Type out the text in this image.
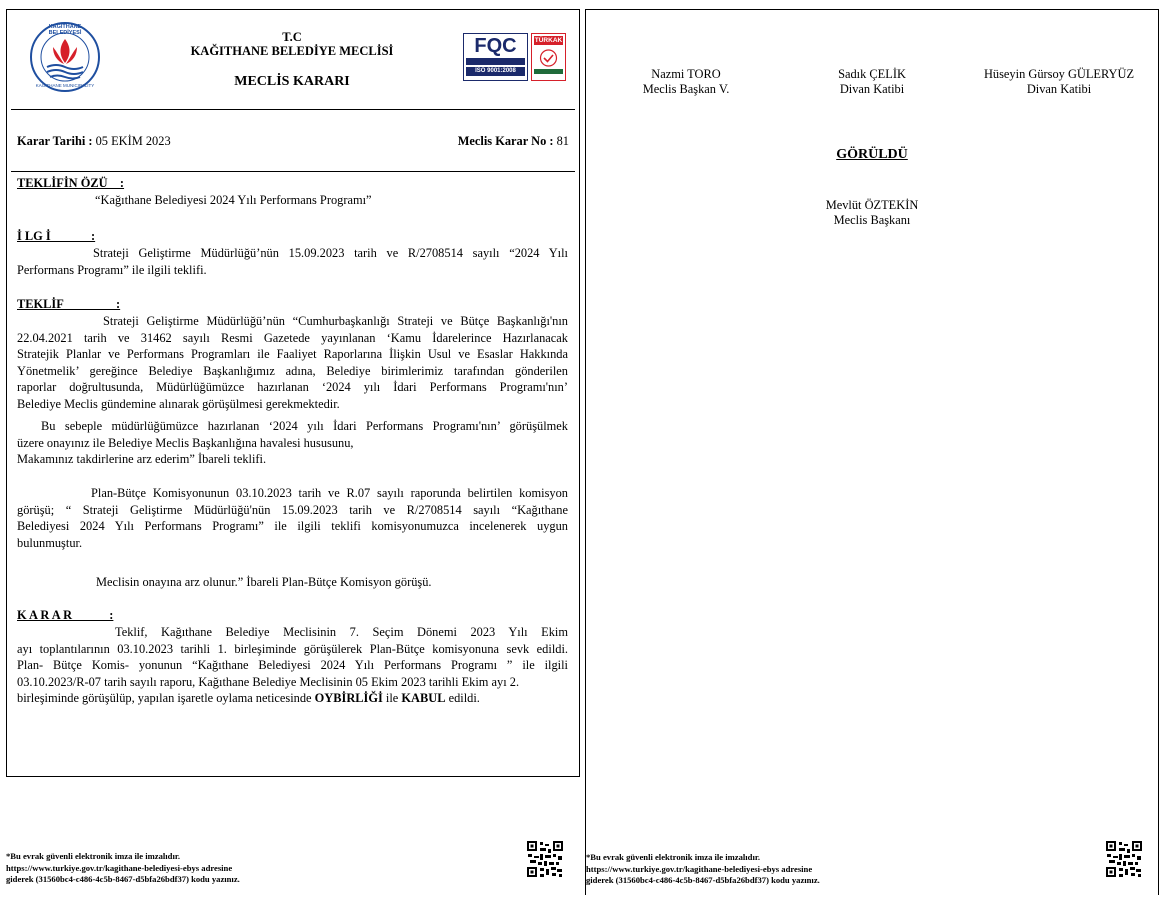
KAĞITHANE BELEDİYESİ
KAĞITHANE MUNICIPALITY
T.C
KAĞITHANE BELEDİYE MECLİSİ
MECLİS KARARI
FQC
ISO 9001:2008
TÜRKAK
Karar Tarihi : 05 EKİM 2023	Meclis Karar No : 81
TEKLİFİN ÖZÜ    :
“Kağıthane Belediyesi 2024 Yılı Performans Programı”
İ LG İ             :
Strateji Geliştirme Müdürlüğü’nün 15.09.2023 tarih ve R/2708514 sayılı “2024 Yılı
Performans Programı” ile ilgili teklifi.
TEKLİF                 :
Strateji Geliştirme Müdürlüğü’nün “Cumhurbaşkanlığı Strateji ve Bütçe Başkanlığı'nın
22.04.2021 tarih ve 31462 sayılı Resmi Gazetede yayınlanan ‘Kamu İdarelerince Hazırlanacak
Stratejik Planlar ve Performans Programları ile Faaliyet Raporlarına İlişkin Usul ve Esaslar Hakkında
Yönetmelik’ gereğince Belediye Başkanlığımız adına, Belediye birimlerimiz tarafından gönderilen
raporlar doğrultusunda, Müdürlüğümüzce hazırlanan ‘2024 yılı İdari Performans Programı'nın’
Belediye Meclis gündemine alınarak görüşülmesi gerekmektedir.
Bu sebeple müdürlüğümüzce hazırlanan ‘2024 yılı İdari Performans Programı'nın’ görüşülmek
üzere onayınız ile Belediye Meclis Başkanlığına havalesi hususunu,
Makamınız takdirlerine arz ederim” İbareli teklifi.
Plan-Bütçe Komisyonunun 03.10.2023 tarih ve R.07 sayılı raporunda belirtilen komisyon
görüşü; “ Strateji Geliştirme Müdürlüğü'nün 15.09.2023 tarih ve R/2708514 sayılı “Kağıthane
Belediyesi 2024 Yılı Performans Programı” ile ilgili teklifi komisyonumuzca incelenerek uygun
bulunmuştur.
Meclisin onayına arz olunur.” İbareli Plan-Bütçe Komisyon görüşü.
K A R A R            :
Teklif, Kağıthane Belediye Meclisinin 7. Seçim Dönemi 2023 Yılı Ekim
ayı toplantılarının 03.10.2023 tarihli 1. birleşiminde görüşülerek Plan-Bütçe komisyonuna sevk edildi.
Plan- Bütçe Komis- yonunun “Kağıthane Belediyesi 2024 Yılı Performans Programı ” ile ilgili
03.10.2023/R-07 tarih sayılı raporu, Kağıthane Belediye Meclisinin 05 Ekim 2023 tarihli Ekim ayı 2.
birleşiminde görüşülüp, yapılan işaretle oylama neticesinde OYBİRLİĞİ ile KABUL edildi.
*Bu evrak güvenli elektronik imza ile imzalıdır.
https://www.turkiye.gov.tr/kagithane-belediyesi-ebys adresine
giderek (31560bc4-c486-4c5b-8467-d5bfa26bdf37) kodu yazınız.
Nazmi TORO
Meclis Başkan V.
Sadık ÇELİK
Divan Katibi
Hüseyin Gürsoy GÜLERYÜZ
Divan Katibi
GÖRÜLDÜ
Mevlüt ÖZTEKİN
Meclis Başkanı
*Bu evrak güvenli elektronik imza ile imzalıdır.
https://www.turkiye.gov.tr/kagithane-belediyesi-ebys adresine
giderek (31560bc4-c486-4c5b-8467-d5bfa26bdf37) kodu yazınız.
